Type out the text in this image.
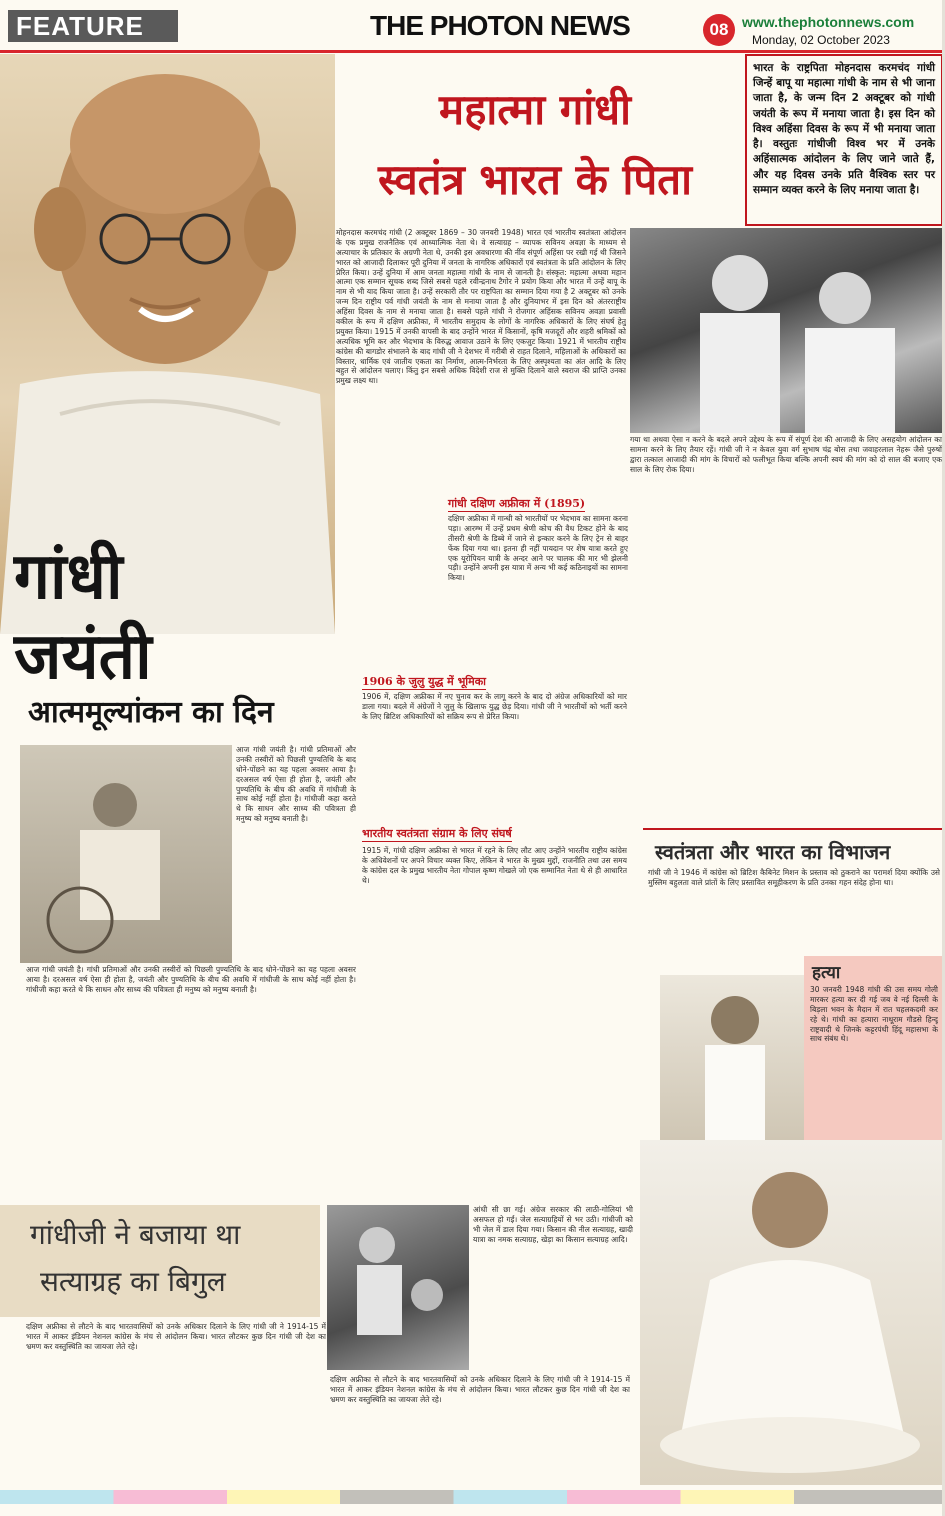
FEATURE	THE PHOTON NEWS	08 www.thephotonnews.com
Monday, 02 October 2023
महात्मा गांधी
स्वतंत्र भारत के पिता
भारत के राष्ट्रपिता मोहनदास करमचंद गांधी जिन्हें बापू या महात्मा गांधी के नाम से भी जाना जाता है, के जन्म दिन 2 अक्टूबर को गांधी जयंती के रूप में मनाया जाता है। इस दिन को विश्व अहिंसा दिवस के रूप में भी मनाया जाता है। वस्तुतः गांधीजी विश्व भर में उनके अहिंसात्मक आंदोलन के लिए जाने जाते हैं, और यह दिवस उनके प्रति वैश्विक स्तर पर सम्मान व्यक्त करने के लिए मनाया जाता है।
मोहनदास करमचंद गांधी (2 अक्टूबर 1869 – 30 जनवरी 1948) भारत एवं भारतीय स्वतंत्रता आंदोलन के एक प्रमुख राजनैतिक एवं आध्यात्मिक नेता थे। वे सत्याग्रह – व्यापक सविनय अवज्ञा के माध्यम से अत्याचार के प्रतिकार के अग्रणी नेता थे, उनकी इस अवधारणा की नींव संपूर्ण अहिंसा पर रखी गई थी जिसने भारत को आजादी दिलाकर पूरी दुनिया में जनता के नागरिक अधिकारों एवं स्वतंत्रता के प्रति आंदोलन के लिए प्रेरित किया। उन्हें दुनिया में आम जनता महात्मा गांधी के नाम से जानती है। संस्कृत: महात्मा अथवा महान आत्मा एक सम्मान सूचक शब्द जिसे सबसे पहले रवीन्द्रनाथ टैगोर ने प्रयोग किया और भारत में उन्हें बापू के नाम से भी याद किया जाता है। उन्हें सरकारी तौर पर राष्ट्रपिता का सम्मान दिया गया है 2 अक्टूबर को उनके जन्म दिन राष्ट्रीय पर्व गांधी जयंती के नाम से मनाया जाता है और दुनियाभर में इस दिन को अंतरराष्ट्रीय अहिंसा दिवस के नाम से मनाया जाता है। सबसे पहले गांधी ने रोजगार अहिंसक सविनय अवज्ञा प्रवासी वकील के रूप में दक्षिण अफ्रीका, में भारतीय समुदाय के लोगों के नागरिक अधिकारों के लिए संघर्ष हेतु प्रयुक्त किया। 1915 में उनकी वापसी के बाद उन्होंने भारत में किसानों, कृषि मजदूरों और शहरी श्रमिकों को अत्यधिक भूमि कर और भेदभाव के विरुद्ध आवाज उठाने के लिए एकजुट किया। 1921 में भारतीय राष्ट्रीय कांग्रेस की बागडोर संभालने के बाद गांधी जी ने देशभर में गरीबी से राहत दिलाने, महिलाओं के अधिकारों का विस्तार, धार्मिक एवं जातीय एकता का निर्माण, आत्म-निर्भरता के लिए अस्पृश्यता का अंत आदि के लिए बहुत से आंदोलन चलाए। किंतु इन सबसे अधिक विदेशी राज से मुक्ति दिलाने वाले स्वराज की प्राप्ति उनका प्रमुख लक्ष्य था।
गया था अथवा ऐसा न करने के बदले अपने उद्देश्य के रूप में संपूर्ण देश की आजादी के लिए असहयोग आंदोलन का सामना करने के लिए तैयार रहें। गांधी जी ने न केवल युवा वर्ग सुभाष चंद्र बोस तथा जवाहरलाल नेहरू जैसे पुरुषों द्वारा तत्काल आजादी की मांग के विचारों को फलीभूत किया बल्कि अपनी स्वयं की मांग को दो साल की बजाए एक साल के लिए रोक दिया।
गांधी दक्षिण अफ्रीका में (1895)
दक्षिण अफ्रीका में गान्धी को भारतीयों पर भेदभाव का सामना करना पड़ा। आरम्भ में उन्हें प्रथम श्रेणी कोच की वैध टिकट होने के बाद तीसरी श्रेणी के डिब्बे में जाने से इन्कार करने के लिए ट्रेन से बाहर फेंक दिया गया था। इतना ही नहीं पायदान पर शेष यात्रा करते हुए एक यूरोपियन यात्री के अन्दर आने पर चालक की मार भी झेलनी पड़ी। उन्होंने अपनी इस यात्रा में अन्य भी कई कठिनाइयों का सामना किया।
1906 के जुलु युद्ध में भूमिका
1906 में, दक्षिण अफ्रीका में नए चुनाव कर के लागू करने के बाद दो अंग्रेज अधिकारियों को मार डाला गया। बदले में अंग्रेजों ने जुलु के खिलाफ युद्ध छेड़ दिया। गांधी जी ने भारतीयों को भर्ती करने के लिए ब्रिटिश अधिकारियों को सक्रिय रूप से प्रेरित किया।
भारतीय स्वतंत्रता संग्राम के लिए संघर्ष
1915 में, गांधी दक्षिण अफ्रीका से भारत में रहने के लिए लौट आए उन्होंने भारतीय राष्ट्रीय कांग्रेस के अधिवेशनों पर अपने विचार व्यक्त किए, लेकिन वे भारत के मुख्य मुद्दों, राजनीति तथा उस समय के कांग्रेस दल के प्रमुख भारतीय नेता गोपाल कृष्ण गोखले जो एक सम्मानित नेता थे से ही आधारित थे।
गांधी
जयंती
आत्ममूल्यांकन का दिन
आज गांधी जयंती है। गांधी प्रतिमाओं और उनकी तस्वीरों को पिछली पुण्यतिथि के बाद धोने-पोंछने का यह पहला अवसर आया है। दरअसल वर्ष ऐसा ही होता है, जयंती और पुण्यतिथि के बीच की अवधि में गांधीजी के साथ कोई नहीं होता है। गांधीजी कहा करते थे कि साधन और साध्य की पवित्रता ही मनुष्य को मनुष्य बनाती है।
स्वतंत्रता और भारत का विभाजन
गांधी जी ने 1946 में कांग्रेस को ब्रिटिश कैबिनेट मिशन के प्रस्ताव को ठुकराने का परामर्श दिया क्योंकि उसे मुस्लिम बहुलता वाले प्रांतों के लिए प्रस्तावित समूहीकरण के प्रति उनका गहन संदेह होना था।
हत्या
30 जनवरी 1948 गांधी की उस समय गोली मारकर हत्या कर दी गई जब वे नई दिल्ली के बिड़ला भवन के मैदान में रात चहलकदमी कर रहे थे। गांधी का हत्यारा नाथूराम गौडसे हिन्दू राष्ट्रवादी थे जिनके कट्टरपंथी हिंदू महासभा के साथ संबंध थे।
आज गांधी जयंती है। गांधी प्रतिमाओं और उनकी तस्वीरों को पिछली पुण्यतिथि के बाद धोने-पोंछने का यह पहला अवसर आया है। दरअसल वर्ष ऐसा ही होता है, जयंती और पुण्यतिथि के बीच की अवधि में गांधीजी के साथ कोई नहीं होता है। गांधीजी कहा करते थे कि साधन और साध्य की पवित्रता ही मनुष्य को मनुष्य बनाती है।
गांधीजी ने बजाया था
सत्याग्रह का बिगुल
दक्षिण अफ्रीका से लौटने के बाद भारतवासियों को उनके अधिकार दिलाने के लिए गांधी जी ने 1914-15 में भारत में आकर इंडियन नेशनल कांग्रेस के मंच से आंदोलन किया। भारत लौटकर कुछ दिन गांधी जी देश का भ्रमण कर वस्तुस्थिति का जायजा लेते रहे।
आंधी सी छा गई। अंग्रेज सरकार की लाठी-गोलियां भी असफल हो गईं। जेल सत्याग्रहियों से भर उठी। गांधीजी को भी जेल में डाल दिया गया। किसान की नील सत्याग्रह, खादी यात्रा का नमक सत्याग्रह, खेड़ा का किसान सत्याग्रह आदि।
दक्षिण अफ्रीका से लौटने के बाद भारतवासियों को उनके अधिकार दिलाने के लिए गांधी जी ने 1914-15 में भारत में आकर इंडियन नेशनल कांग्रेस के मंच से आंदोलन किया। भारत लौटकर कुछ दिन गांधी जी देश का भ्रमण कर वस्तुस्थिति का जायजा लेते रहे।
